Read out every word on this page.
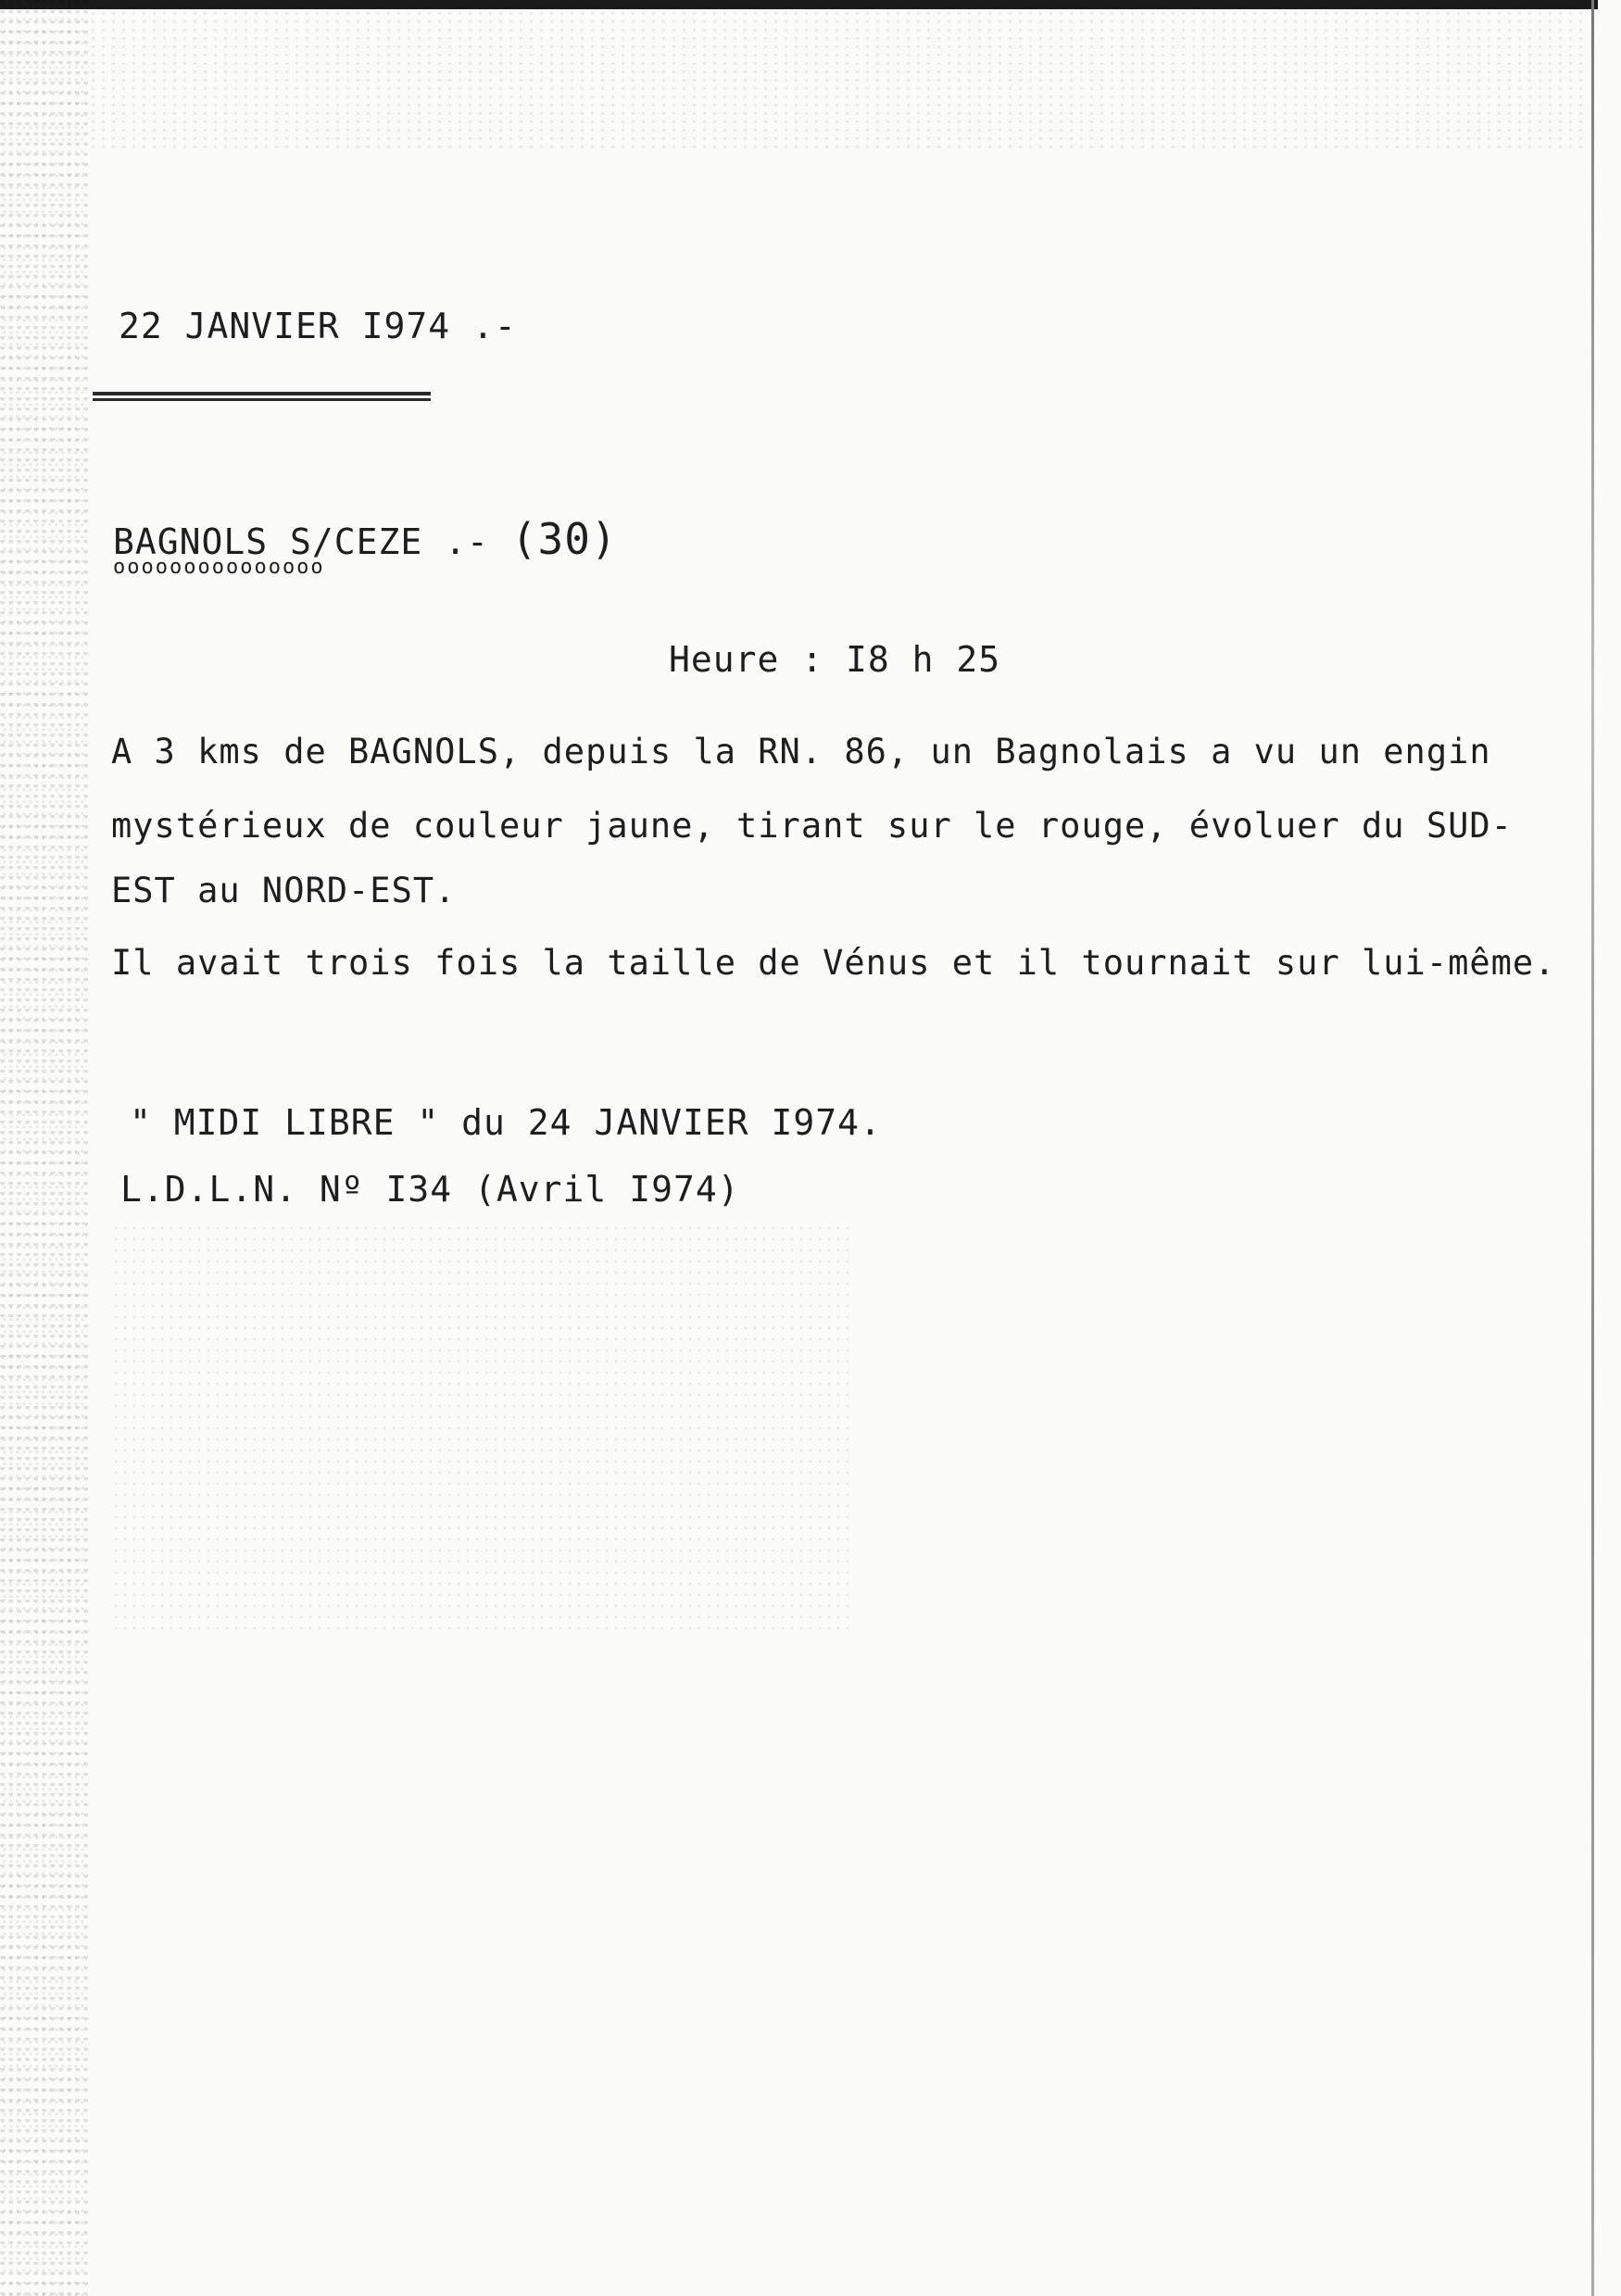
22 JANVIER I974 .-
BAGNOLS S/CEZE .- (30)
ooooooooooooooo
Heure : I8 h 25
A 3 kms de BAGNOLS, depuis la RN. 86, un Bagnolais a vu un engin
mystérieux de couleur jaune, tirant sur le rouge, évoluer du SUD-
EST au NORD-EST.
Il avait trois fois la taille de Vénus et il tournait sur lui-même.
" MIDI LIBRE " du 24 JANVIER I974.
L.D.L.N. Nº I34 (Avril I974)
